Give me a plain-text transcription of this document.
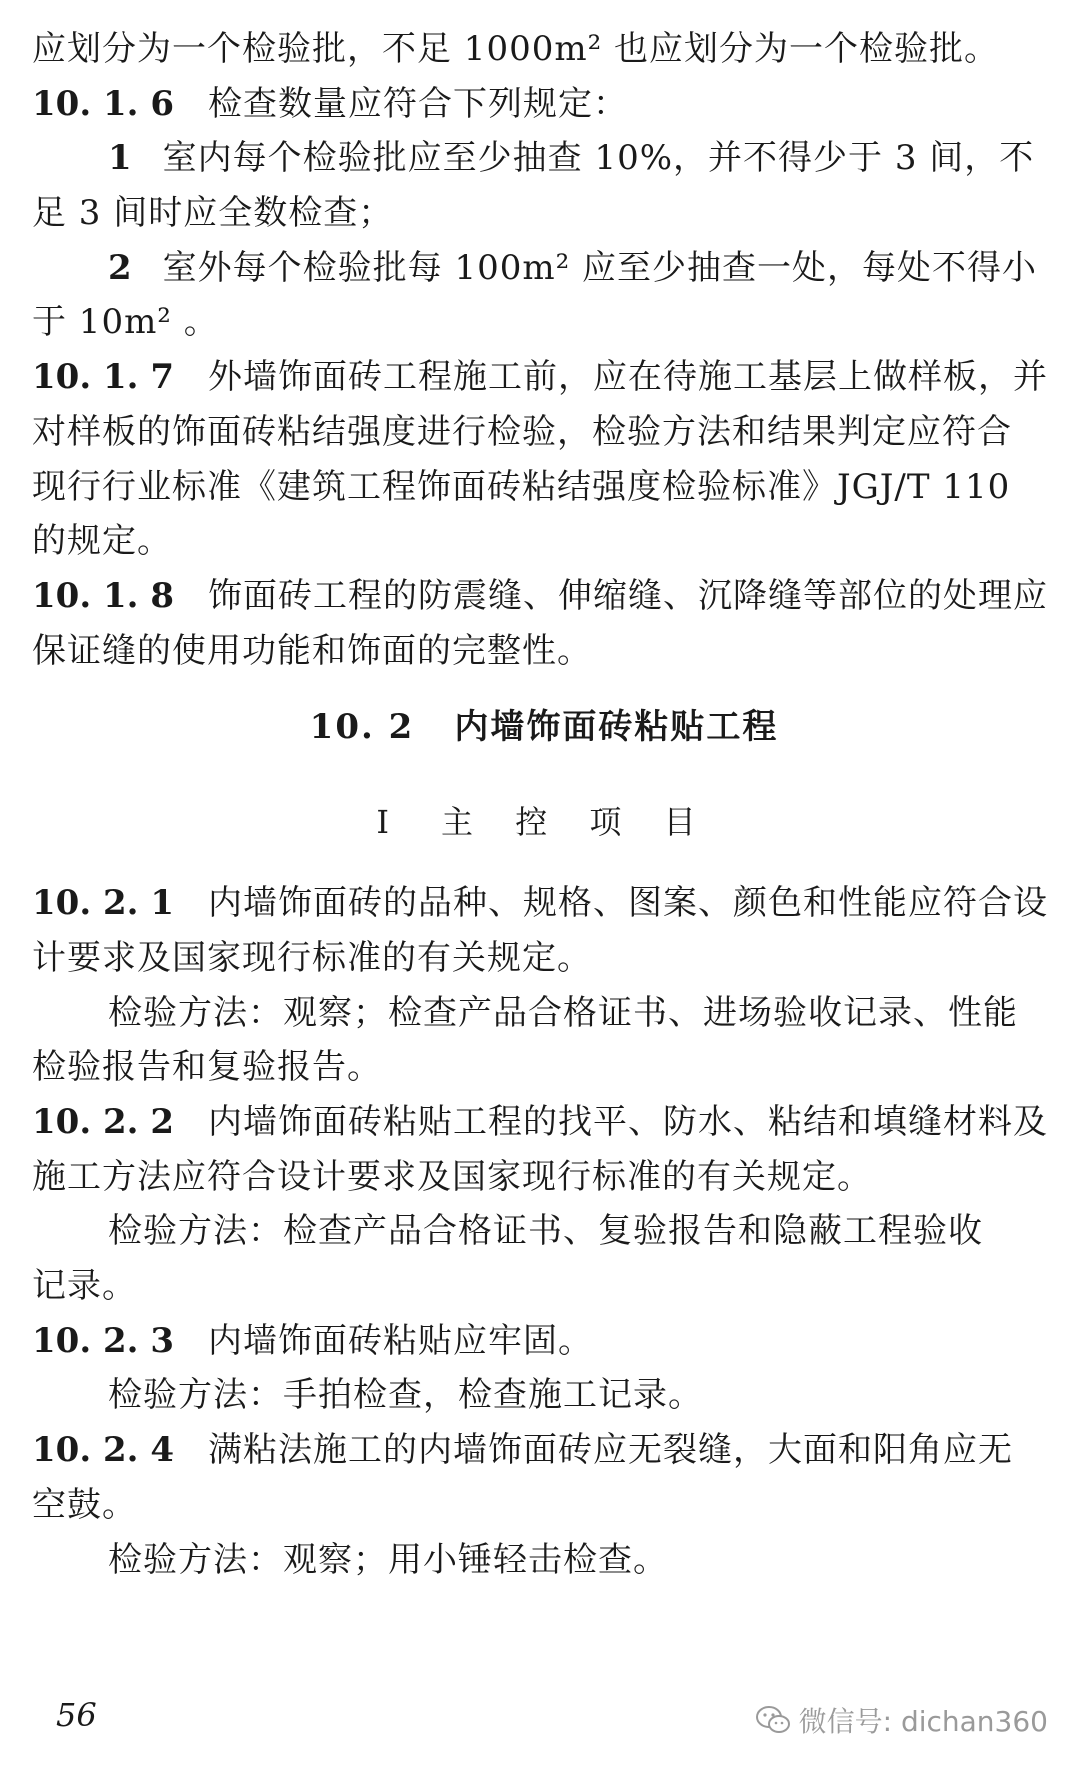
应划分为一个检验批，不足 1000m² 也应划分为一个检验批。
10. 1. 6 检查数量应符合下列规定：
1 室内每个检验批应至少抽查 10%，并不得少于 3 间，不
足 3 间时应全数检查；
2 室外每个检验批每 100m² 应至少抽查一处，每处不得小
于 10m² 。
10. 1. 7 外墙饰面砖工程施工前，应在待施工基层上做样板，并
对样板的饰面砖粘结强度进行检验，检验方法和结果判定应符合
现行行业标准《建筑工程饰面砖粘结强度检验标准》JGJ/T 110
的规定。
10. 1. 8 饰面砖工程的防震缝、伸缩缝、沉降缝等部位的处理应
保证缝的使用功能和饰面的完整性。
10. 2 内墙饰面砖粘贴工程
I 主 控 项 目
10. 2. 1 内墙饰面砖的品种、规格、图案、颜色和性能应符合设
计要求及国家现行标准的有关规定。
检验方法：观察；检查产品合格证书、进场验收记录、性能
检验报告和复验报告。
10. 2. 2 内墙饰面砖粘贴工程的找平、防水、粘结和填缝材料及
施工方法应符合设计要求及国家现行标准的有关规定。
检验方法：检查产品合格证书、复验报告和隐蔽工程验收
记录。
10. 2. 3 内墙饰面砖粘贴应牢固。
检验方法：手拍检查，检查施工记录。
10. 2. 4 满粘法施工的内墙饰面砖应无裂缝，大面和阳角应无
空鼓。
检验方法：观察；用小锤轻击检查。
56	微信号: dichan360
